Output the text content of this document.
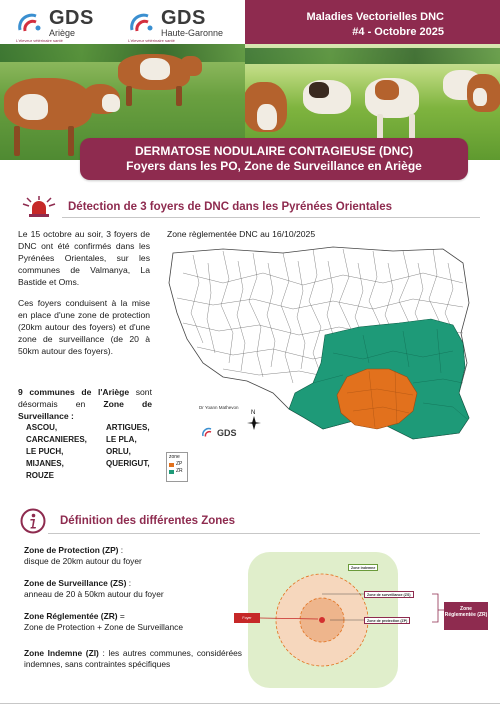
GDS
Ariège
L'éleveur vétérinaire santé
GDS
Haute-Garonne
L'éleveur vétérinaire santé
Maladies Vectorielles DNC
#4 - Octobre 2025
DERMATOSE NODULAIRE CONTAGIEUSE (DNC)
Foyers dans les PO, Zone de Surveillance en Ariège
Détection de 3 foyers de DNC dans les Pyrénées Orientales

Le 15 octobre au soir, 3 foyers de DNC ont été confirmés dans les Pyrénées Orientales, sur les communes de Valmanya, La Bastide et Oms.

Ces foyers conduisent à la mise en place d'une zone de protection (20km autour des foyers) et d'une zone de surveillance (de 20 à 50km autour des foyers).

9 communes de l'Ariège sont désormais en Zone de Surveillance :
ASCOU,	ARTIGUES,
CARCANIERES,	LE PLA,
LE PUCH,	ORLU,
MIJANES,	QUERIGUT,
ROUZE
Zone règlementée DNC au 16/10/2025
Dr Yoann Mathevon
N
GDS
zone
ZP
ZR
Définition des différentes Zones
Zone de Protection (ZP) :
disque de 20km autour du foyer
Zone de Surveillance (ZS) :
anneau de 20 à 50km autour du foyer
Zone Réglementée (ZR) =
Zone de Protection + Zone de Surveillance
Zone Indemne (ZI) : les autres communes, considérées indemnes, sans contraintes spécifiques
Zone indemne
Zone de surveillance (ZS)
Zone de protection (ZP)
Zone Réglementée (ZR)
Foyer
